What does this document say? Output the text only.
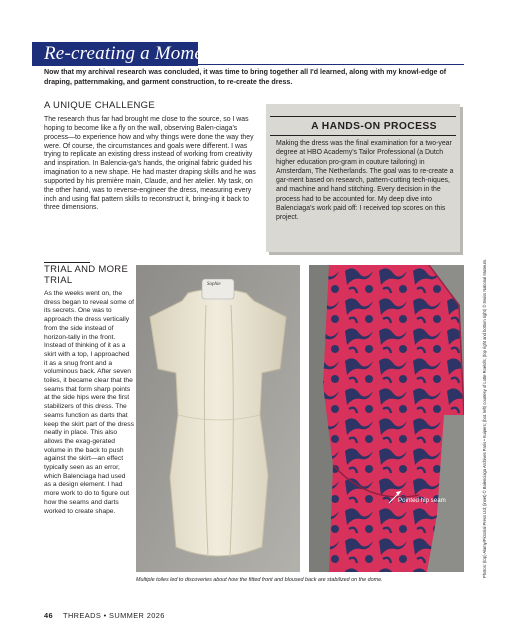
Re-creating a Moment
Now that my archival research was concluded, it was time to bring together all I'd learned, along with my knowl-edge of draping, patternmaking, and garment construction, to re-create the dress.
A UNIQUE CHALLENGE
The research thus far had brought me close to the source, so I was hoping to become like a fly on the wall, observing Balen-ciaga's process—to experience how and why things were done the way they were. Of course, the circumstances and goals were different. I was trying to replicate an existing dress instead of working from creativity and inspiration. In Balencia-ga's hands, the original fabric guided his imagination to a new shape. He had master draping skills and he was supported by his première main, Claude, and her atelier. My task, on the other hand, was to reverse-engineer the dress, measuring every inch and using flat pattern skills to reconstruct it, bring-ing it back to three dimensions.
A HANDS-ON PROCESS
Making the dress was the final examination for a two-year degree at HBO Academy's Tailor Professional (a Dutch higher education pro-gram in couture tailoring) in Amsterdam, The Netherlands. The goal was to re-create a gar-ment based on research, pattern-cutting tech-niques, and machine and hand stitching. Every decision in the process had to be accounted for. My deep dive into Balenciaga's work paid off: I received top scores on this project.
Photos: (top) Alamy/Pictorial Press Ltd; (inset) © Balenciaga Archives Paris • Kuipers; (bot. left) courtesy of Lotte Roelofs; (top right and bottom right) © Swiss National Museum.
TRIAL AND MORE TRIAL
As the weeks went on, the dress began to reveal some of its secrets. One was to approach the dress vertically from the side instead of horizon-tally in the front. Instead of thinking of it as a skirt with a top, I approached it as a snug front and a voluminous back. After seven toiles, it became clear that the seams that form sharp points at the side hips were the first stabilizers of this dress. The seams function as darts that keep the skirt part of the dress neatly in place. This also allows the exag-gerated volume in the back to push against the skirt—an effect typically seen as an error, which Balenciaga had used as a design element. I had more work to do to figure out how the seams and darts worked to create shape.
Sophie
Pointed hip seam
Multiple toiles led to discoveries about how the fitted front and bloused back are stabilized on the dome.
46 THREADS • SUMMER 2026
